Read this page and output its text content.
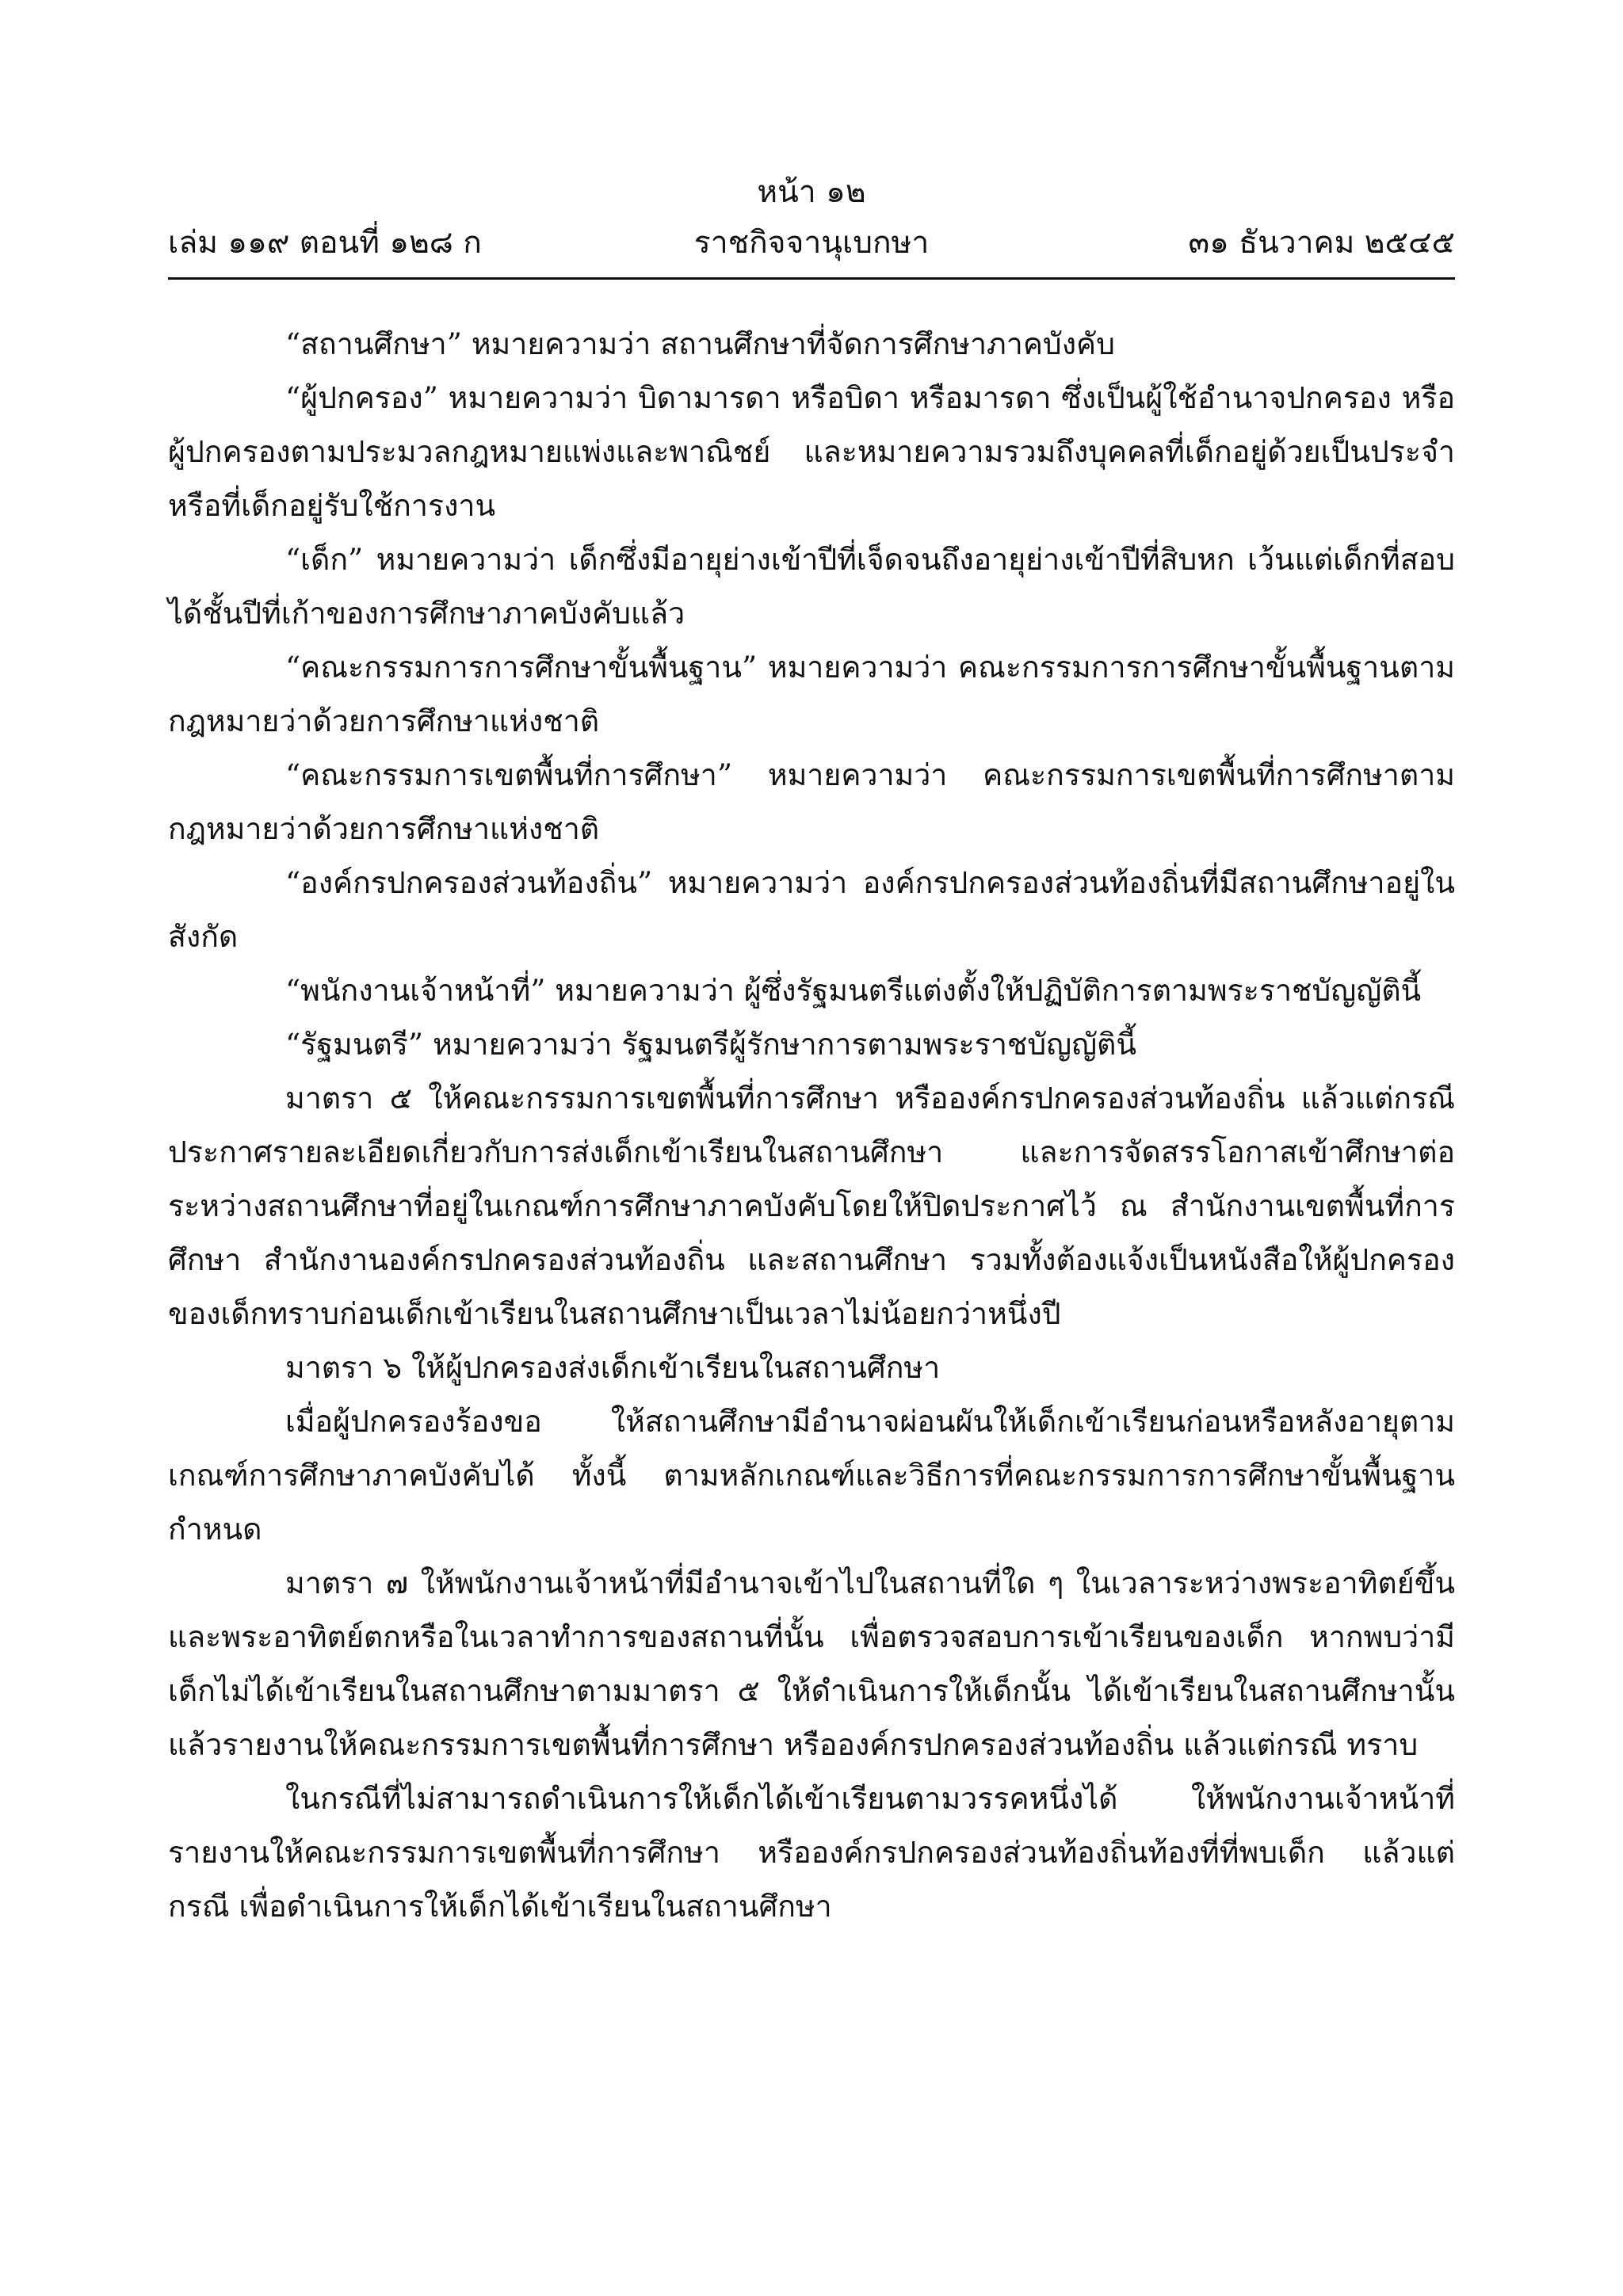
หน้า ๑๒
เล่ม ๑๑๙ ตอนที่ ๑๒๘ ก	ราชกิจจานุเบกษา	๓๑ ธันวาคม ๒๕๔๕

“สถานศึกษา” หมายความว่า สถานศึกษาที่จัดการศึกษาภาคบังคับ

“ผู้ปกครอง” หมายความว่า บิดามารดา หรือบิดา หรือมารดา ซึ่งเป็นผู้ใช้อำนาจปกครอง หรือผู้ปกครองตามประมวลกฎหมายแพ่งและพาณิชย์ และหมายความรวมถึงบุคคลที่เด็กอยู่ด้วยเป็นประจำ หรือที่เด็กอยู่รับใช้การงาน

“เด็ก” หมายความว่า เด็กซึ่งมีอายุย่างเข้าปีที่เจ็ดจนถึงอายุย่างเข้าปีที่สิบหก เว้นแต่เด็กที่สอบได้ชั้นปีที่เก้าของการศึกษาภาคบังคับแล้ว

“คณะกรรมการการศึกษาขั้นพื้นฐาน” หมายความว่า คณะกรรมการการศึกษาขั้นพื้นฐานตามกฎหมายว่าด้วยการศึกษาแห่งชาติ

“คณะกรรมการเขตพื้นที่การศึกษา” หมายความว่า คณะกรรมการเขตพื้นที่การศึกษาตามกฎหมายว่าด้วยการศึกษาแห่งชาติ

“องค์กรปกครองส่วนท้องถิ่น” หมายความว่า องค์กรปกครองส่วนท้องถิ่นที่มีสถานศึกษาอยู่ในสังกัด

“พนักงานเจ้าหน้าที่” หมายความว่า ผู้ซึ่งรัฐมนตรีแต่งตั้งให้ปฏิบัติการตามพระราชบัญญัตินี้

“รัฐมนตรี” หมายความว่า รัฐมนตรีผู้รักษาการตามพระราชบัญญัตินี้

มาตรา ๕ ให้คณะกรรมการเขตพื้นที่การศึกษา หรือองค์กรปกครองส่วนท้องถิ่น แล้วแต่กรณี ประกาศรายละเอียดเกี่ยวกับการส่งเด็กเข้าเรียนในสถานศึกษา และการจัดสรรโอกาสเข้าศึกษาต่อระหว่างสถานศึกษาที่อยู่ในเกณฑ์การศึกษาภาคบังคับโดยให้ปิดประกาศไว้ ณ สำนักงานเขตพื้นที่การศึกษา สำนักงานองค์กรปกครองส่วนท้องถิ่น และสถานศึกษา รวมทั้งต้องแจ้งเป็นหนังสือให้ผู้ปกครองของเด็กทราบก่อนเด็กเข้าเรียนในสถานศึกษาเป็นเวลาไม่น้อยกว่าหนึ่งปี

มาตรา ๖ ให้ผู้ปกครองส่งเด็กเข้าเรียนในสถานศึกษา

เมื่อผู้ปกครองร้องขอ ให้สถานศึกษามีอำนาจผ่อนผันให้เด็กเข้าเรียนก่อนหรือหลังอายุตามเกณฑ์การศึกษาภาคบังคับได้ ทั้งนี้ ตามหลักเกณฑ์และวิธีการที่คณะกรรมการการศึกษาขั้นพื้นฐานกำหนด

มาตรา ๗ ให้พนักงานเจ้าหน้าที่มีอำนาจเข้าไปในสถานที่ใด ๆ ในเวลาระหว่างพระอาทิตย์ขึ้นและพระอาทิตย์ตกหรือในเวลาทำการของสถานที่นั้น เพื่อตรวจสอบการเข้าเรียนของเด็ก หากพบว่ามีเด็กไม่ได้เข้าเรียนในสถานศึกษาตามมาตรา ๕ ให้ดำเนินการให้เด็กนั้น ได้เข้าเรียนในสถานศึกษานั้นแล้วรายงานให้คณะกรรมการเขตพื้นที่การศึกษา หรือองค์กรปกครองส่วนท้องถิ่น แล้วแต่กรณี ทราบ

ในกรณีที่ไม่สามารถดำเนินการให้เด็กได้เข้าเรียนตามวรรคหนึ่งได้ ให้พนักงานเจ้าหน้าที่รายงานให้คณะกรรมการเขตพื้นที่การศึกษา หรือองค์กรปกครองส่วนท้องถิ่นท้องที่ที่พบเด็ก แล้วแต่กรณี เพื่อดำเนินการให้เด็กได้เข้าเรียนในสถานศึกษา
